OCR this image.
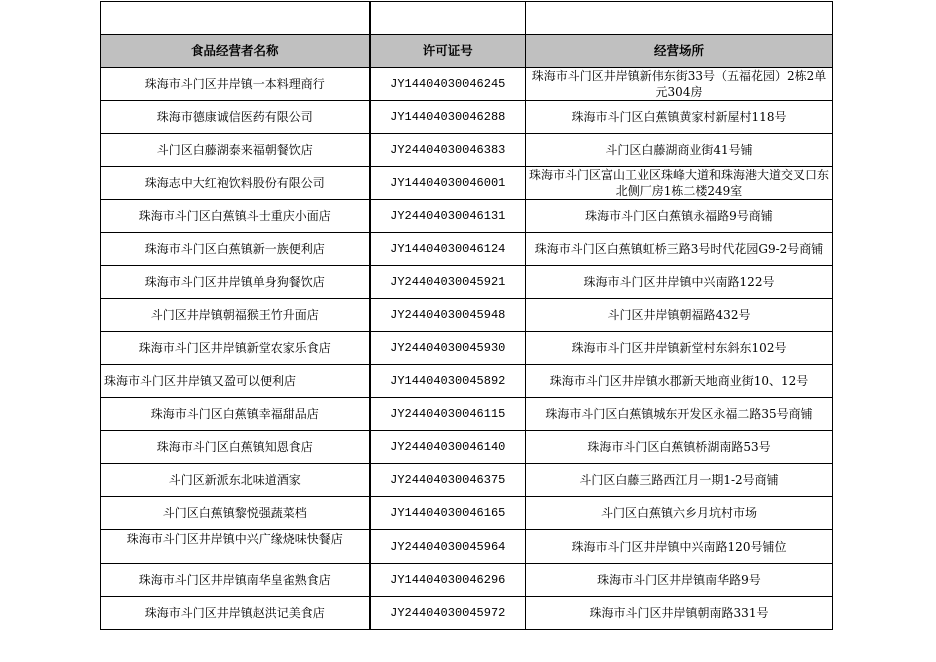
食品经营者名称	许可证号	经营场所
珠海市斗门区井岸镇一本料理商行	JY14404030046245	珠海市斗门区井岸镇新伟东街33号（五福花园）2栋2单元304房
珠海市德康诚信医药有限公司	JY14404030046288	珠海市斗门区白蕉镇黄家村新屋村118号
斗门区白藤湖泰来福朝餐饮店	JY24404030046383	斗门区白藤湖商业街41号铺
珠海志中大红袍饮料股份有限公司	JY14404030046001	珠海市斗门区富山工业区珠峰大道和珠海港大道交叉口东北侧厂房1栋二楼249室
珠海市斗门区白蕉镇斗士重庆小面店	JY24404030046131	珠海市斗门区白蕉镇永福路9号商铺
珠海市斗门区白蕉镇新一族便利店	JY14404030046124	珠海市斗门区白蕉镇虹桥三路3号时代花园G9-2号商铺
珠海市斗门区井岸镇单身狗餐饮店	JY24404030045921	珠海市斗门区井岸镇中兴南路122号
斗门区井岸镇朝福猴王竹升面店	JY24404030045948	斗门区井岸镇朝福路432号
珠海市斗门区井岸镇新堂农家乐食店	JY24404030045930	珠海市斗门区井岸镇新堂村东斜东102号
珠海市斗门区井岸镇又盈可以便利店	JY14404030045892	珠海市斗门区井岸镇水郡新天地商业街10、12号
珠海市斗门区白蕉镇幸福甜品店	JY24404030046115	珠海市斗门区白蕉镇城东开发区永福二路35号商铺
珠海市斗门区白蕉镇知恩食店	JY24404030046140	珠海市斗门区白蕉镇桥湖南路53号
斗门区新派东北味道酒家	JY24404030046375	斗门区白藤三路西江月一期1-2号商铺
斗门区白蕉镇黎悦强蔬菜档	JY14404030046165	斗门区白蕉镇六乡月坑村市场
珠海市斗门区井岸镇中兴广缘烧味快餐店	JY24404030045964	珠海市斗门区井岸镇中兴南路120号铺位
珠海市斗门区井岸镇南华皇雀熟食店	JY14404030046296	珠海市斗门区井岸镇南华路9号
珠海市斗门区井岸镇赵洪记美食店	JY24404030045972	珠海市斗门区井岸镇朝南路331号
